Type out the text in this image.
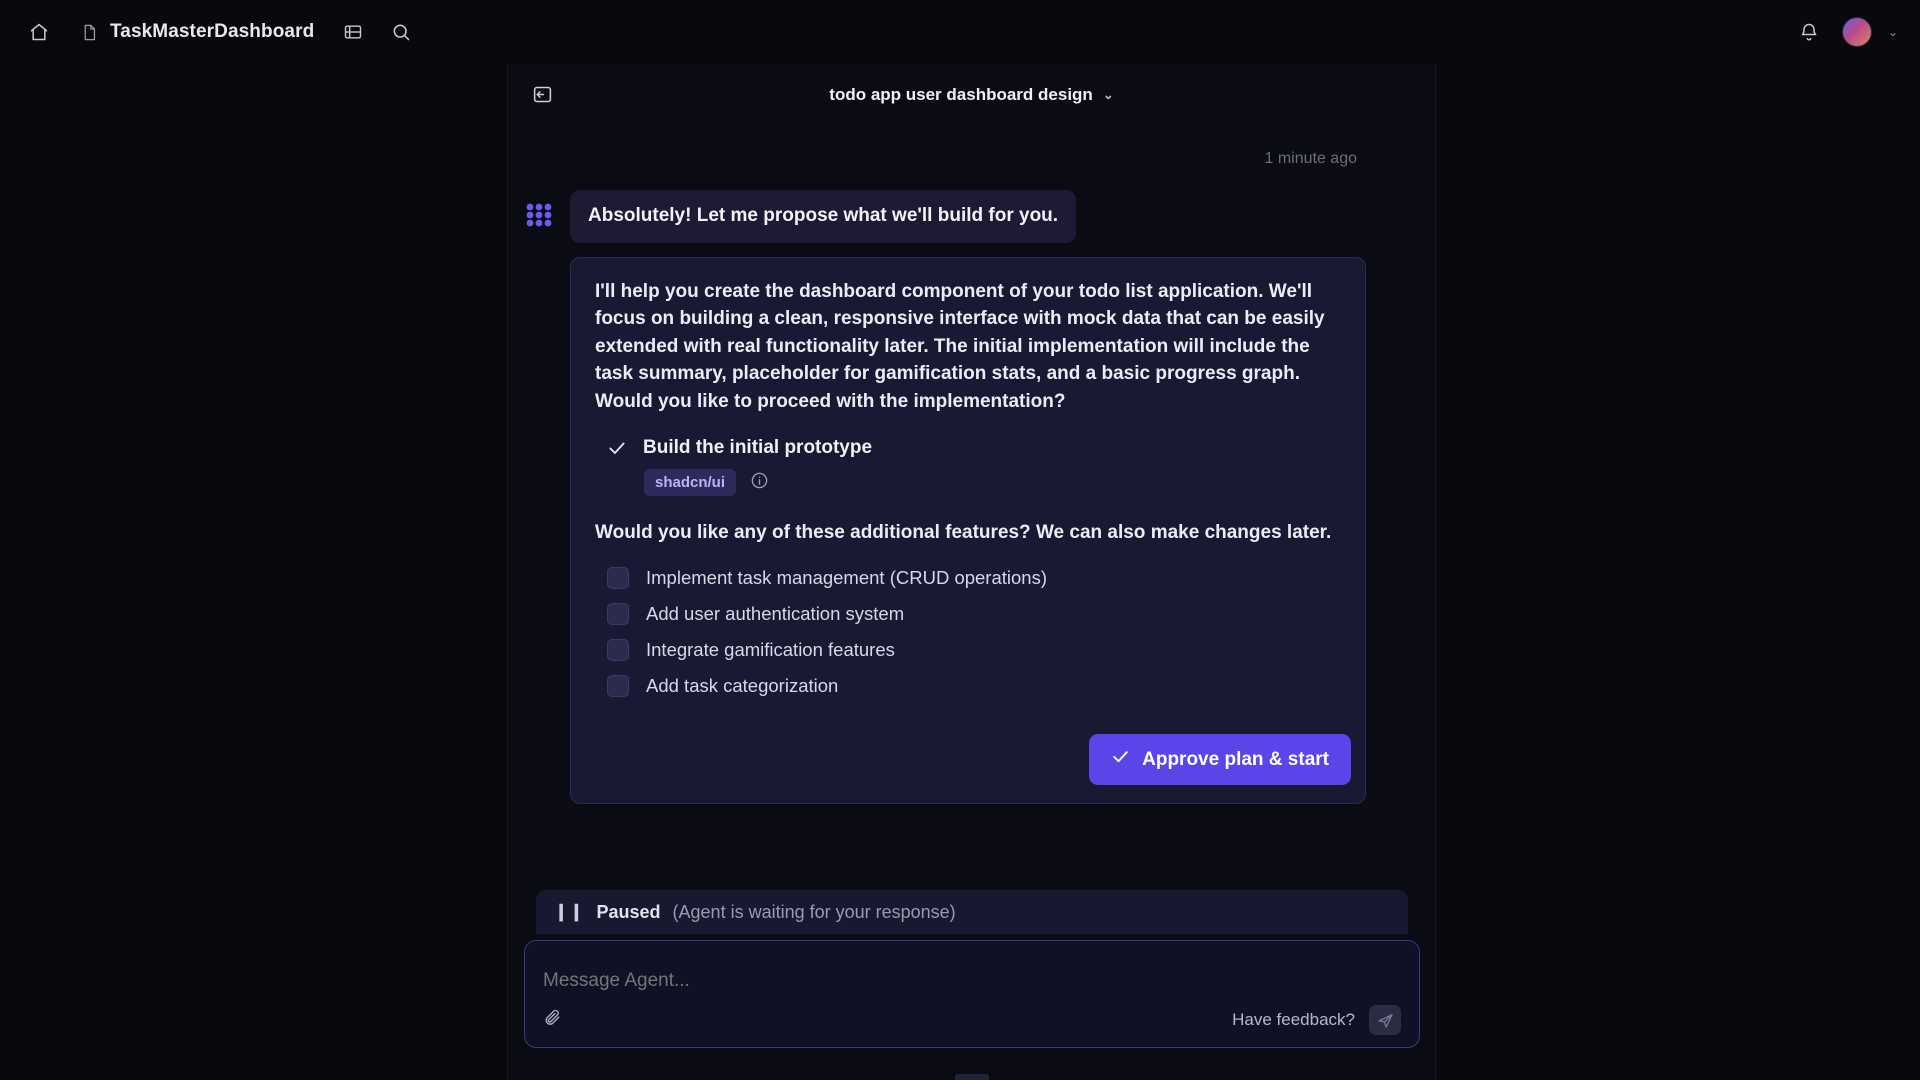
TaskMasterDashboard	⌄
todo app user dashboard design ⌄
1 minute ago
Absolutely! Let me propose what we'll build for you.
I'll help you create the dashboard component of your todo list application. We'll focus on building a clean, responsive interface with mock data that can be easily extended with real functionality later. The initial implementation will include the task summary, placeholder for gamification stats, and a basic progress graph. Would you like to proceed with the implementation?
Build the initial prototype
shadcn/ui
Would you like any of these additional features? We can also make changes later.
Implement task management (CRUD operations)
Add user authentication system
Integrate gamification features
Add task categorization
Approve plan & start
❙❙ Paused (Agent is waiting for your response)
Message Agent...
Have feedback?
